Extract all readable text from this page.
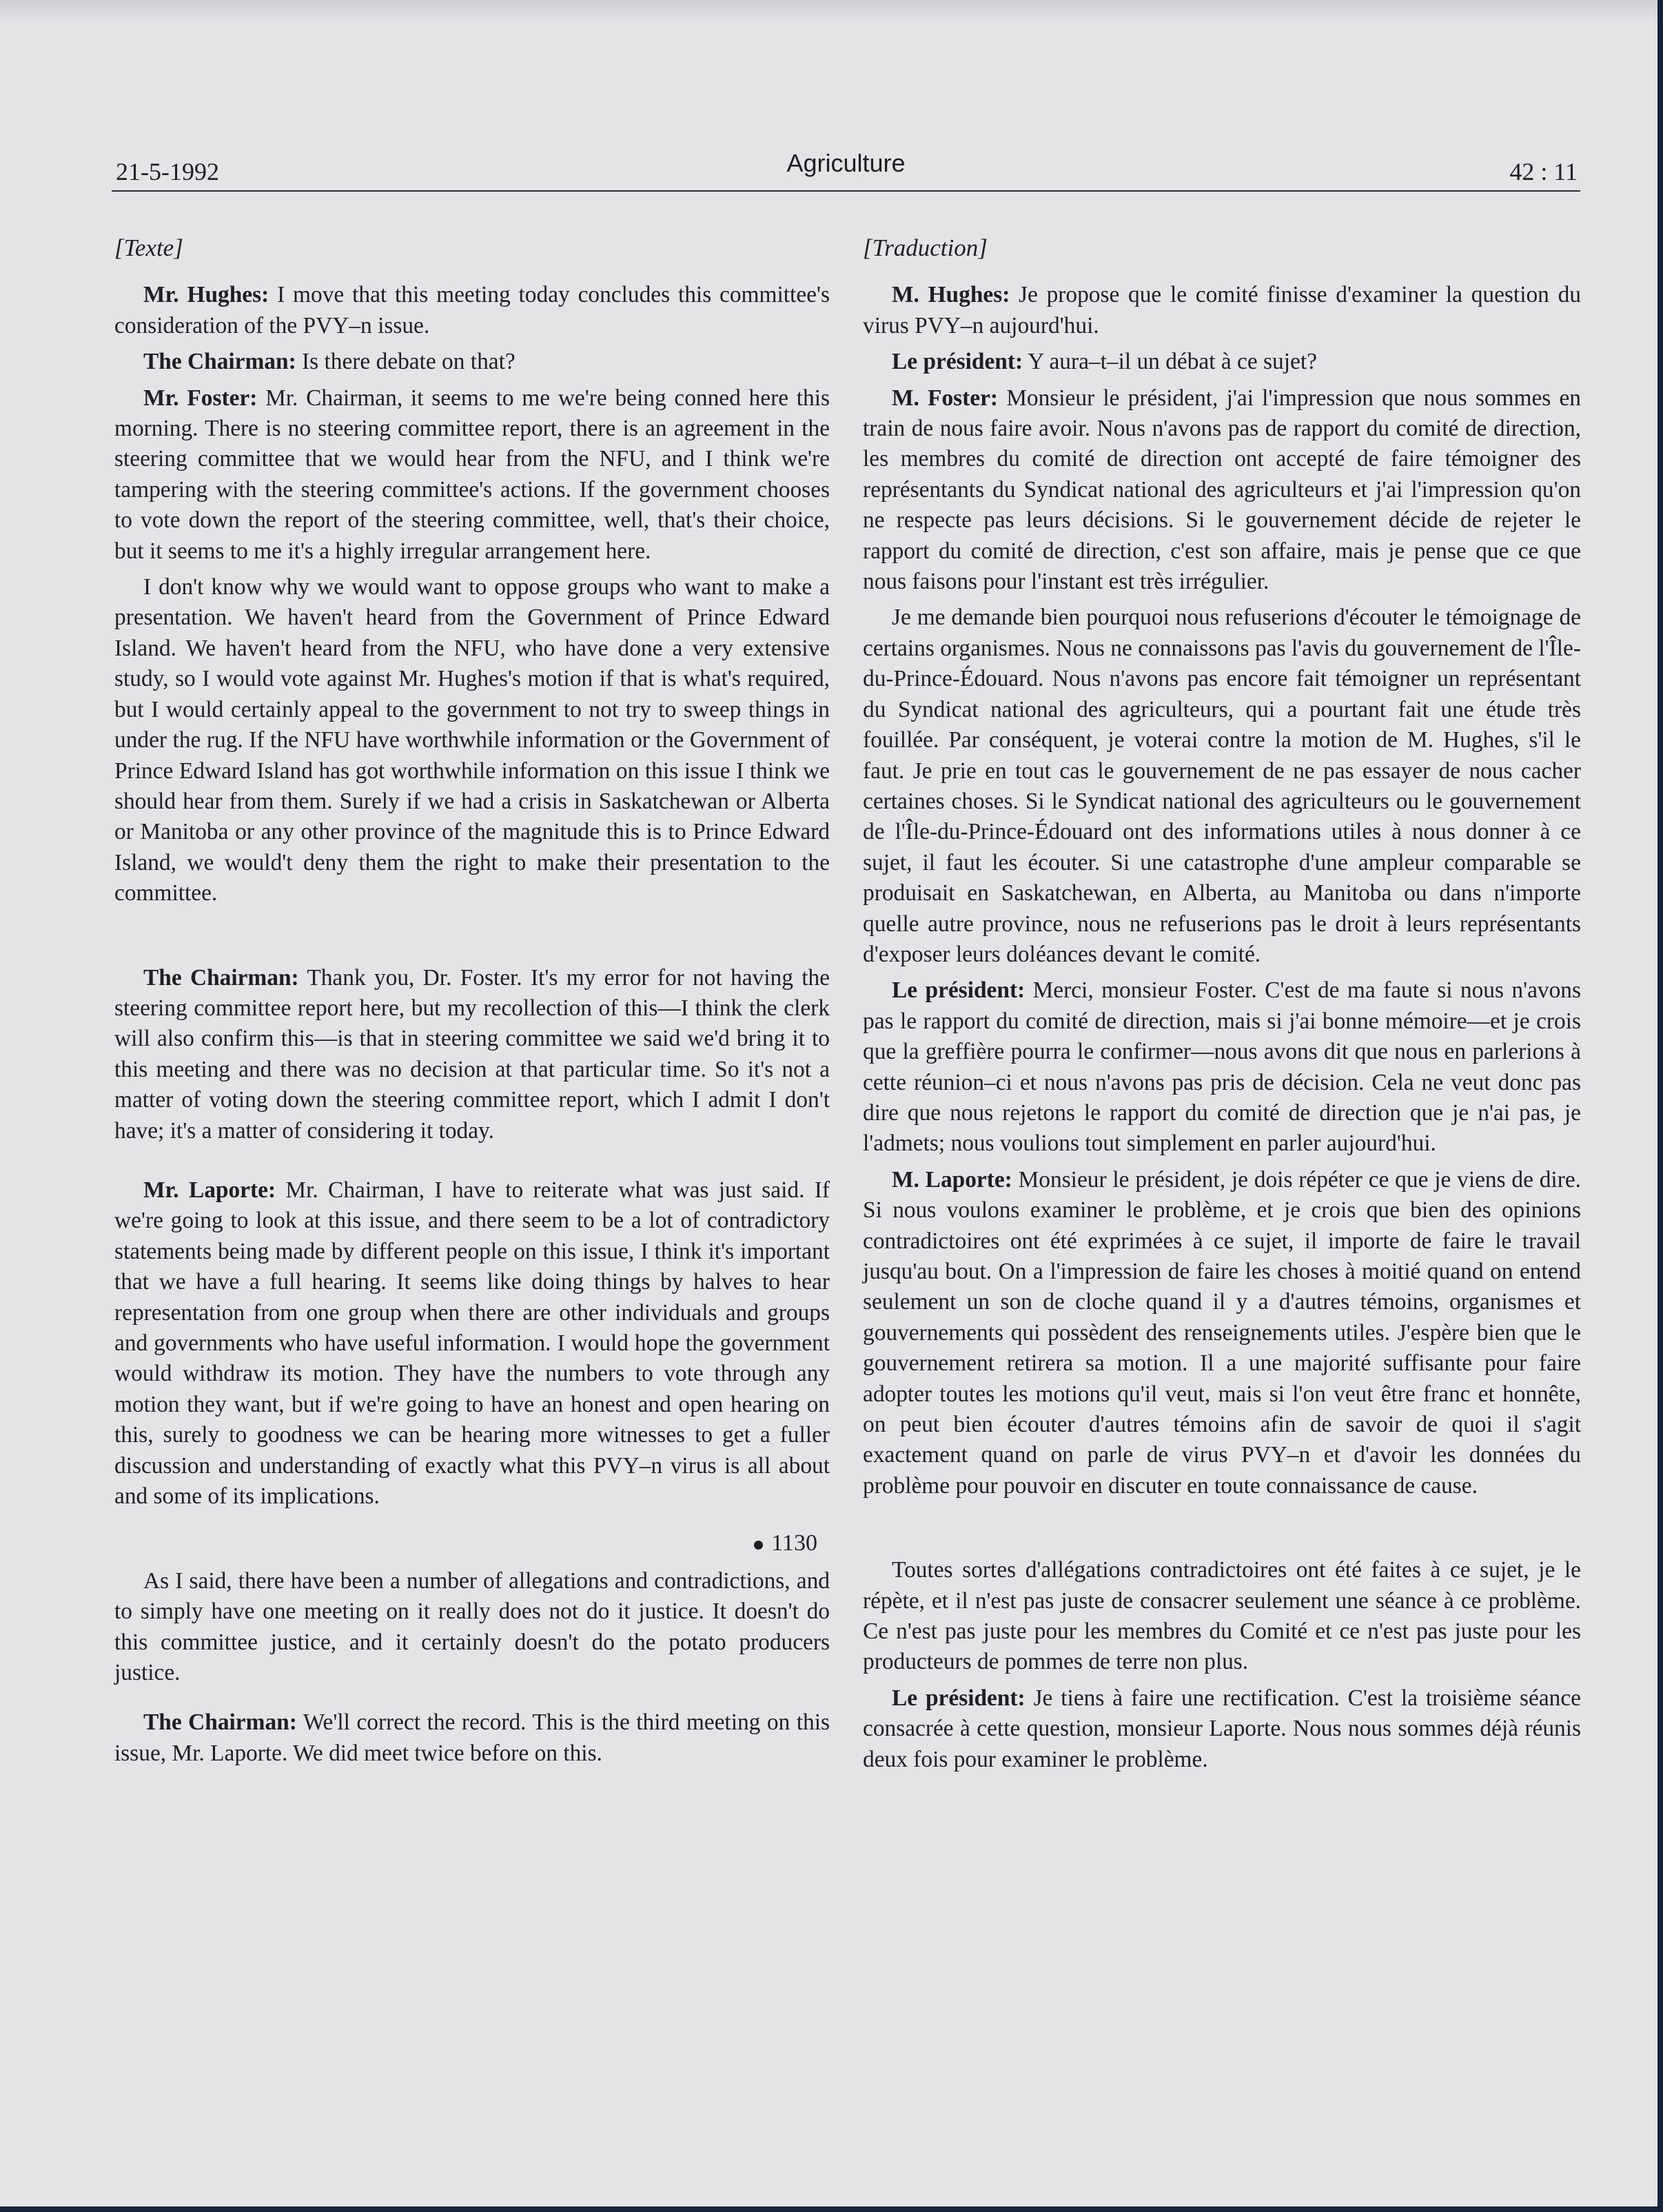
21-5-1992	Agriculture	42 : 11
[Texte]

Mr. Hughes: I move that this meeting today concludes this committee's consideration of the PVY–n issue.

The Chairman: Is there debate on that?

Mr. Foster: Mr. Chairman, it seems to me we're being conned here this morning. There is no steering committee report, there is an agreement in the steering committee that we would hear from the NFU, and I think we're tampering with the steering committee's actions. If the government chooses to vote down the report of the steering committee, well, that's their choice, but it seems to me it's a highly irregular arrangement here.

I don't know why we would want to oppose groups who want to make a presentation. We haven't heard from the Government of Prince Edward Island. We haven't heard from the NFU, who have done a very extensive study, so I would vote against Mr. Hughes's motion if that is what's required, but I would certainly appeal to the government to not try to sweep things in under the rug. If the NFU have worthwhile information or the Government of Prince Edward Island has got worthwhile information on this issue I think we should hear from them. Surely if we had a crisis in Saskatchewan or Alberta or Manitoba or any other province of the magnitude this is to Prince Edward Island, we would't deny them the right to make their presentation to the committee.

The Chairman: Thank you, Dr. Foster. It's my error for not having the steering committee report here, but my recollection of this—I think the clerk will also confirm this—is that in steering committee we said we'd bring it to this meeting and there was no decision at that particular time. So it's not a matter of voting down the steering committee report, which I admit I don't have; it's a matter of considering it today.

Mr. Laporte: Mr. Chairman, I have to reiterate what was just said. If we're going to look at this issue, and there seem to be a lot of contradictory statements being made by different people on this issue, I think it's important that we have a full hearing. It seems like doing things by halves to hear representation from one group when there are other individuals and groups and governments who have useful information. I would hope the government would withdraw its motion. They have the numbers to vote through any motion they want, but if we're going to have an honest and open hearing on this, surely to goodness we can be hearing more witnesses to get a fuller discussion and understanding of exactly what this PVY–n virus is all about and some of its implications.

1130

As I said, there have been a number of allegations and contradictions, and to simply have one meeting on it really does not do it justice. It doesn't do this committee justice, and it certainly doesn't do the potato producers justice.

The Chairman: We'll correct the record. This is the third meeting on this issue, Mr. Laporte. We did meet twice before on this.

[Traduction]

M. Hughes: Je propose que le comité finisse d'examiner la question du virus PVY–n aujourd'hui.

Le président: Y aura–t–il un débat à ce sujet?

M. Foster: Monsieur le président, j'ai l'impression que nous sommes en train de nous faire avoir. Nous n'avons pas de rapport du comité de direction, les membres du comité de direction ont accepté de faire témoigner des représentants du Syndicat national des agriculteurs et j'ai l'impression qu'on ne respecte pas leurs décisions. Si le gouvernement décide de rejeter le rapport du comité de direction, c'est son affaire, mais je pense que ce que nous faisons pour l'instant est très irrégulier.

Je me demande bien pourquoi nous refuserions d'écouter le témoignage de certains organismes. Nous ne connaissons pas l'avis du gouvernement de l'Île-du-Prince-Édouard. Nous n'avons pas encore fait témoigner un représentant du Syndicat national des agriculteurs, qui a pourtant fait une étude très fouillée. Par conséquent, je voterai contre la motion de M. Hughes, s'il le faut. Je prie en tout cas le gouvernement de ne pas essayer de nous cacher certaines choses. Si le Syndicat national des agriculteurs ou le gouvernement de l'Île-du-Prince-Édouard ont des informations utiles à nous donner à ce sujet, il faut les écouter. Si une catastrophe d'une ampleur comparable se produisait en Saskatchewan, en Alberta, au Manitoba ou dans n'importe quelle autre province, nous ne refuserions pas le droit à leurs représentants d'exposer leurs doléances devant le comité.

Le président: Merci, monsieur Foster. C'est de ma faute si nous n'avons pas le rapport du comité de direction, mais si j'ai bonne mémoire—et je crois que la greffière pourra le confirmer—nous avons dit que nous en parlerions à cette réunion–ci et nous n'avons pas pris de décision. Cela ne veut donc pas dire que nous rejetons le rapport du comité de direction que je n'ai pas, je l'admets; nous voulions tout simplement en parler aujourd'hui.

M. Laporte: Monsieur le président, je dois répéter ce que je viens de dire. Si nous voulons examiner le problème, et je crois que bien des opinions contradictoires ont été exprimées à ce sujet, il importe de faire le travail jusqu'au bout. On a l'impression de faire les choses à moitié quand on entend seulement un son de cloche quand il y a d'autres témoins, organismes et gouvernements qui possèdent des renseignements utiles. J'espère bien que le gouvernement retirera sa motion. Il a une majorité suffisante pour faire adopter toutes les motions qu'il veut, mais si l'on veut être franc et honnête, on peut bien écouter d'autres témoins afin de savoir de quoi il s'agit exactement quand on parle de virus PVY–n et d'avoir les données du problème pour pouvoir en discuter en toute connaissance de cause.

Toutes sortes d'allégations contradictoires ont été faites à ce sujet, je le répète, et il n'est pas juste de consacrer seulement une séance à ce problème. Ce n'est pas juste pour les membres du Comité et ce n'est pas juste pour les producteurs de pommes de terre non plus.

Le président: Je tiens à faire une rectification. C'est la troisième séance consacrée à cette question, monsieur Laporte. Nous nous sommes déjà réunis deux fois pour examiner le problème.
